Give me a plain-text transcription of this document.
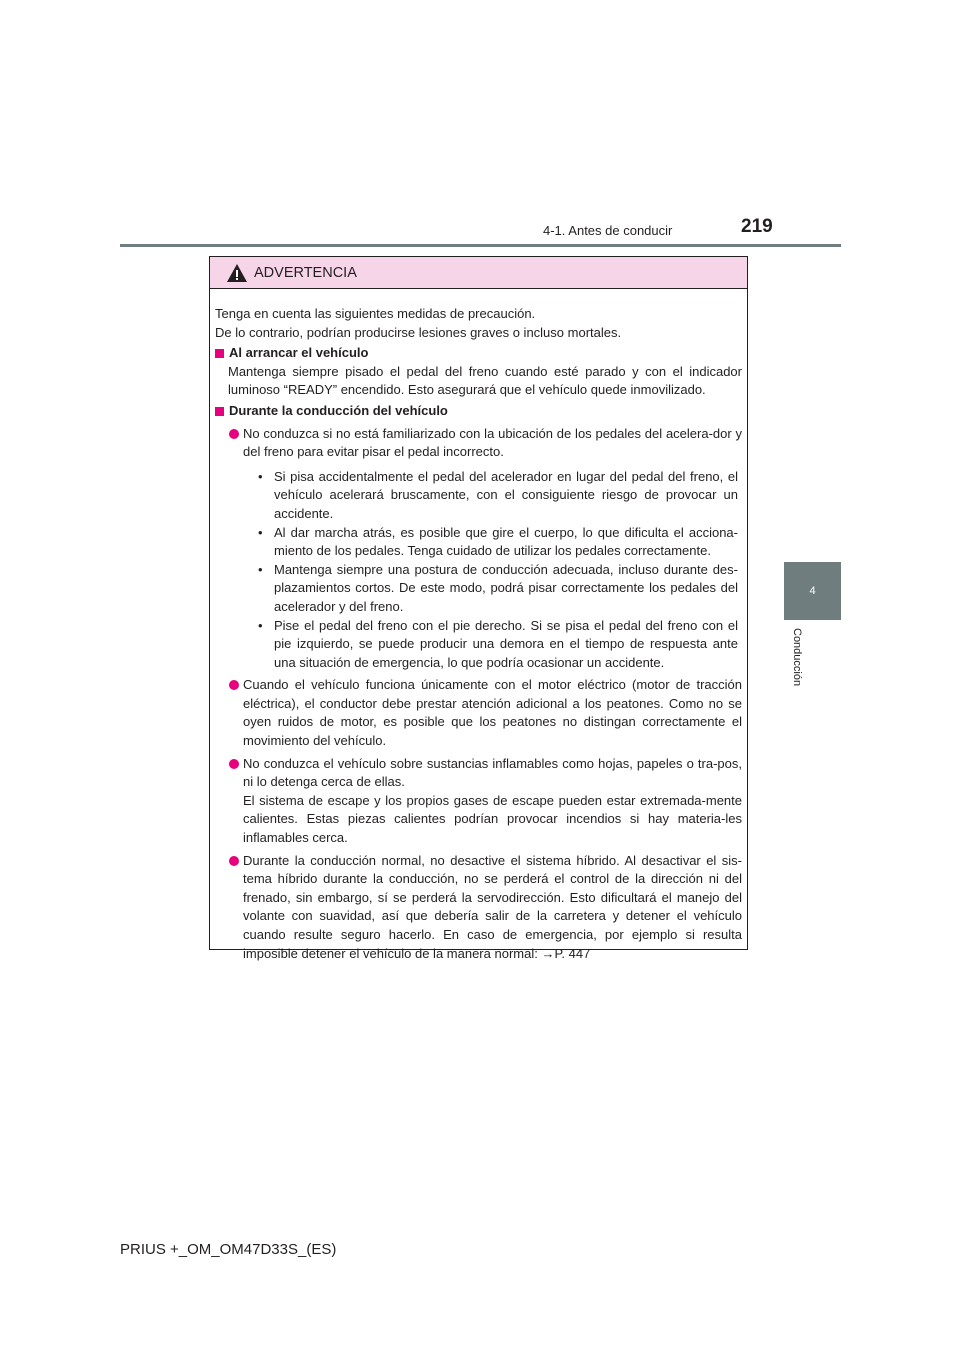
4-1. Antes de conducir	219
4
Conducción
ADVERTENCIA

Tenga en cuenta las siguientes medidas de precaución.

De lo contrario, podrían producirse lesiones graves o incluso mortales.

Al arrancar el vehículo

Mantenga siempre pisado el pedal del freno cuando esté parado y con el indicador luminoso “READY” encendido. Esto asegurará que el vehículo quede inmovilizado.

Durante la conducción del vehículo

No conduzca si no está familiarizado con la ubicación de los pedales del acelera-dor y del freno para evitar pisar el pedal incorrecto.

• Si pisa accidentalmente el pedal del acelerador en lugar del pedal del freno, el vehículo acelerará bruscamente, con el consiguiente riesgo de provocar un accidente.
• Al dar marcha atrás, es posible que gire el cuerpo, lo que dificulta el acciona-miento de los pedales. Tenga cuidado de utilizar los pedales correctamente.
• Mantenga siempre una postura de conducción adecuada, incluso durante des-plazamientos cortos. De este modo, podrá pisar correctamente los pedales del acelerador y del freno.
• Pise el pedal del freno con el pie derecho. Si se pisa el pedal del freno con el pie izquierdo, se puede producir una demora en el tiempo de respuesta ante una situación de emergencia, lo que podría ocasionar un accidente.

Cuando el vehículo funciona únicamente con el motor eléctrico (motor de tracción eléctrica), el conductor debe prestar atención adicional a los peatones. Como no se oyen ruidos de motor, es posible que los peatones no distingan correctamente el movimiento del vehículo.

No conduzca el vehículo sobre sustancias inflamables como hojas, papeles o tra-pos, ni lo detenga cerca de ellas.

El sistema de escape y los propios gases de escape pueden estar extremada-mente calientes. Estas piezas calientes podrían provocar incendios si hay materia-les inflamables cerca.

Durante la conducción normal, no desactive el sistema híbrido. Al desactivar el sis-tema híbrido durante la conducción, no se perderá el control de la dirección ni del frenado, sin embargo, sí se perderá la servodirección. Esto dificultará el manejo del volante con suavidad, así que debería salir de la carretera y detener el vehículo cuando resulte seguro hacerlo. En caso de emergencia, por ejemplo si resulta imposible detener el vehículo de la manera normal: →P. 447

PRIUS +_OM_OM47D33S_(ES)
